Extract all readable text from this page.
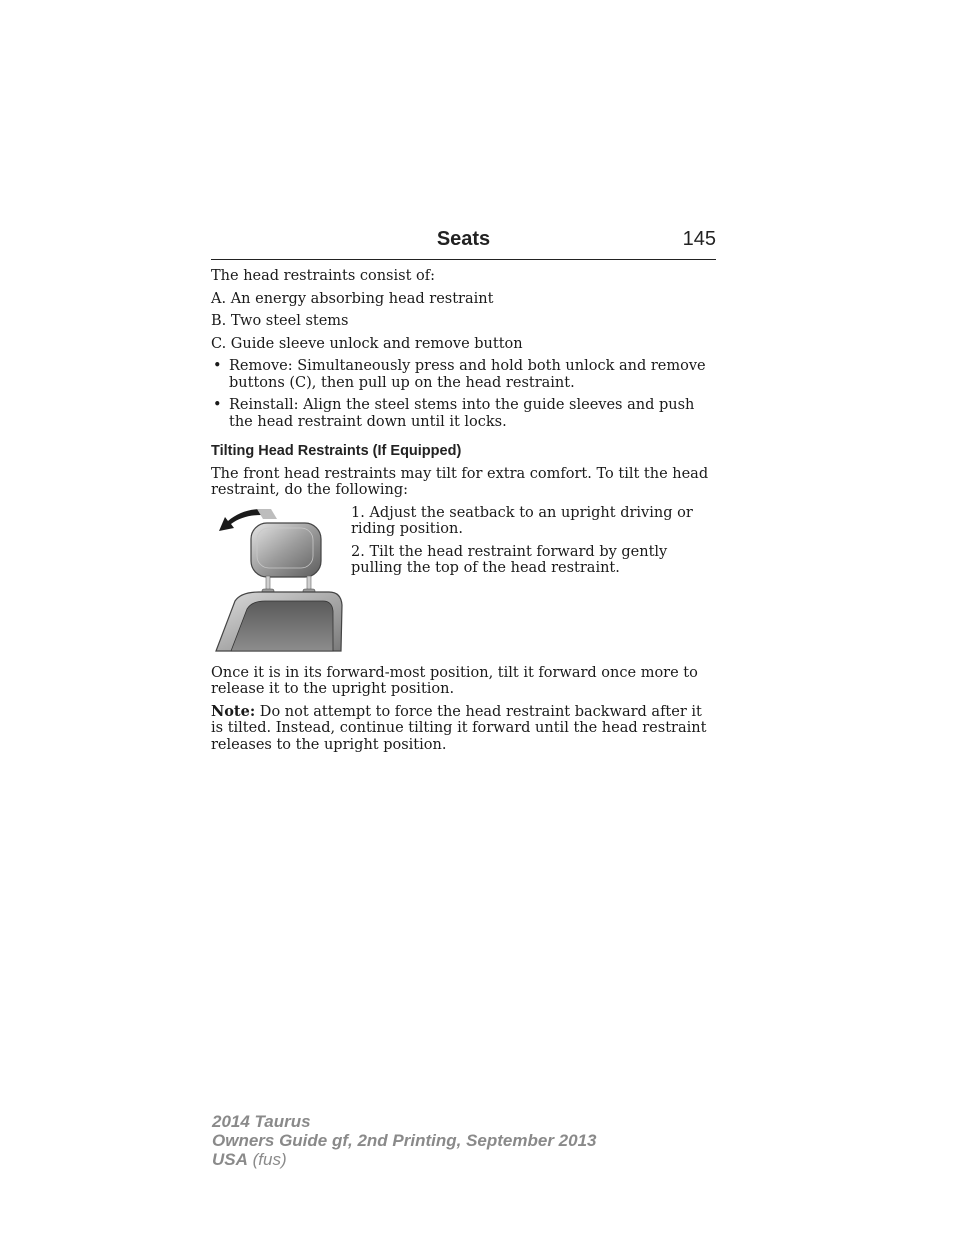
Seats	145

The head restraints consist of:

A. An energy absorbing head restraint

B. Two steel stems

C. Guide sleeve unlock and remove button

• Remove: Simultaneously press and hold both unlock and remove buttons (C), then pull up on the head restraint.
• Reinstall: Align the steel stems into the guide sleeves and push the head restraint down until it locks.

Tilting Head Restraints (If Equipped)

The front head restraints may tilt for extra comfort. To tilt the head restraint, do the following:

1. Adjust the seatback to an upright driving or riding position.

2. Tilt the head restraint forward by gently pulling the top of the head restraint.

Once it is in its forward-most position, tilt it forward once more to release it to the upright position.

Note: Do not attempt to force the head restraint backward after it is tilted. Instead, continue tilting it forward until the head restraint releases to the upright position.

2014 Taurus
Owners Guide gf, 2nd Printing, September 2013
USA (fus)
